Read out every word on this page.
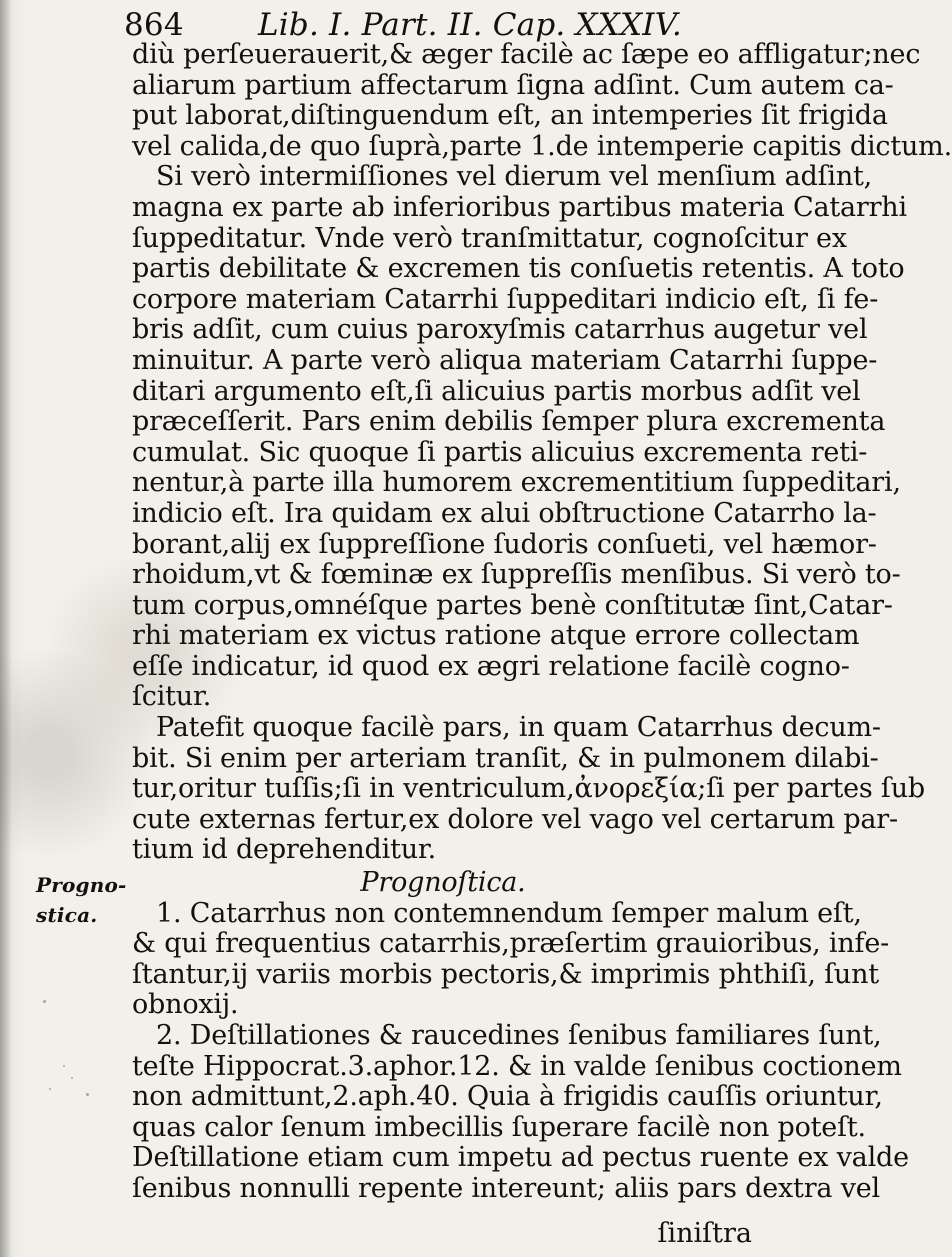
864 Lib. I. Part. II. Cap. XXXIV.
diù perſeuerauerit,& æger facilè ac ſæpe eo affligatur;nec
aliarum partium affectarum ſigna adſint. Cum autem ca-
put laborat,diſtinguendum eſt, an intemperies ſit frigida
vel calida,de quo ſuprà,parte 1.de intemperie capitis dictum.
Si verò intermiſſiones vel dierum vel menſium adſint,
magna ex parte ab inferioribus partibus materia Catarrhi
ſuppeditatur. Vnde verò tranſmittatur, cognoſcitur ex
partis debilitate & excremen tis conſuetis retentis. A toto
corpore materiam Catarrhi ſuppeditari indicio eſt, ſi fe-
bris adſit, cum cuius paroxyſmis catarrhus augetur vel
minuitur. A parte verò aliqua materiam Catarrhi ſuppe-
ditari argumento eſt,ſi alicuius partis morbus adſit vel
præceſſerit. Pars enim debilis ſemper plura excrementa
cumulat. Sic quoque ſi partis alicuius excrementa reti-
nentur,à parte illa humorem excrementitium ſuppeditari,
indicio eſt. Ira quidam ex alui obſtructione Catarrho la-
borant,alij ex ſuppreſſione ſudoris conſueti, vel hæmor-
rhoidum,vt & fœminæ ex ſuppreſſis menſibus. Si verò to-
tum corpus,omnéſque partes benè conſtitutæ ſint,Catar-
rhi materiam ex victus ratione atque errore collectam
eſſe indicatur, id quod ex ægri relatione facilè cogno-
ſcitur.
Patefit quoque facilè pars, in quam Catarrhus decum-
bit. Si enim per arteriam tranſit, & in pulmonem dilabi-
tur,oritur tuſſis;ſi in ventriculum,ἀνορεξία;ſi per partes ſub
cute externas fertur,ex dolore vel vago vel certarum par-
tium id deprehenditur.
Prognoſtica.
1. Catarrhus non contemnendum ſemper malum eſt,
& qui frequentius catarrhis,præſertim grauioribus, infe-
ſtantur,ij variis morbis pectoris,& imprimis phthiſi, ſunt
obnoxij.
2. Deſtillationes & raucedines ſenibus familiares ſunt,
teſte Hippocrat.3.aphor.12. & in valde ſenibus coctionem
non admittunt,2.aph.40. Quia à frigidis cauſſis oriuntur,
quas calor ſenum imbecillis ſuperare facilè non poteſt.
Deſtillatione etiam cum impetu ad pectus ruente ex valde
ſenibus nonnulli repente intereunt; aliis pars dextra vel
Progno-
stica.
ſiniſtra
